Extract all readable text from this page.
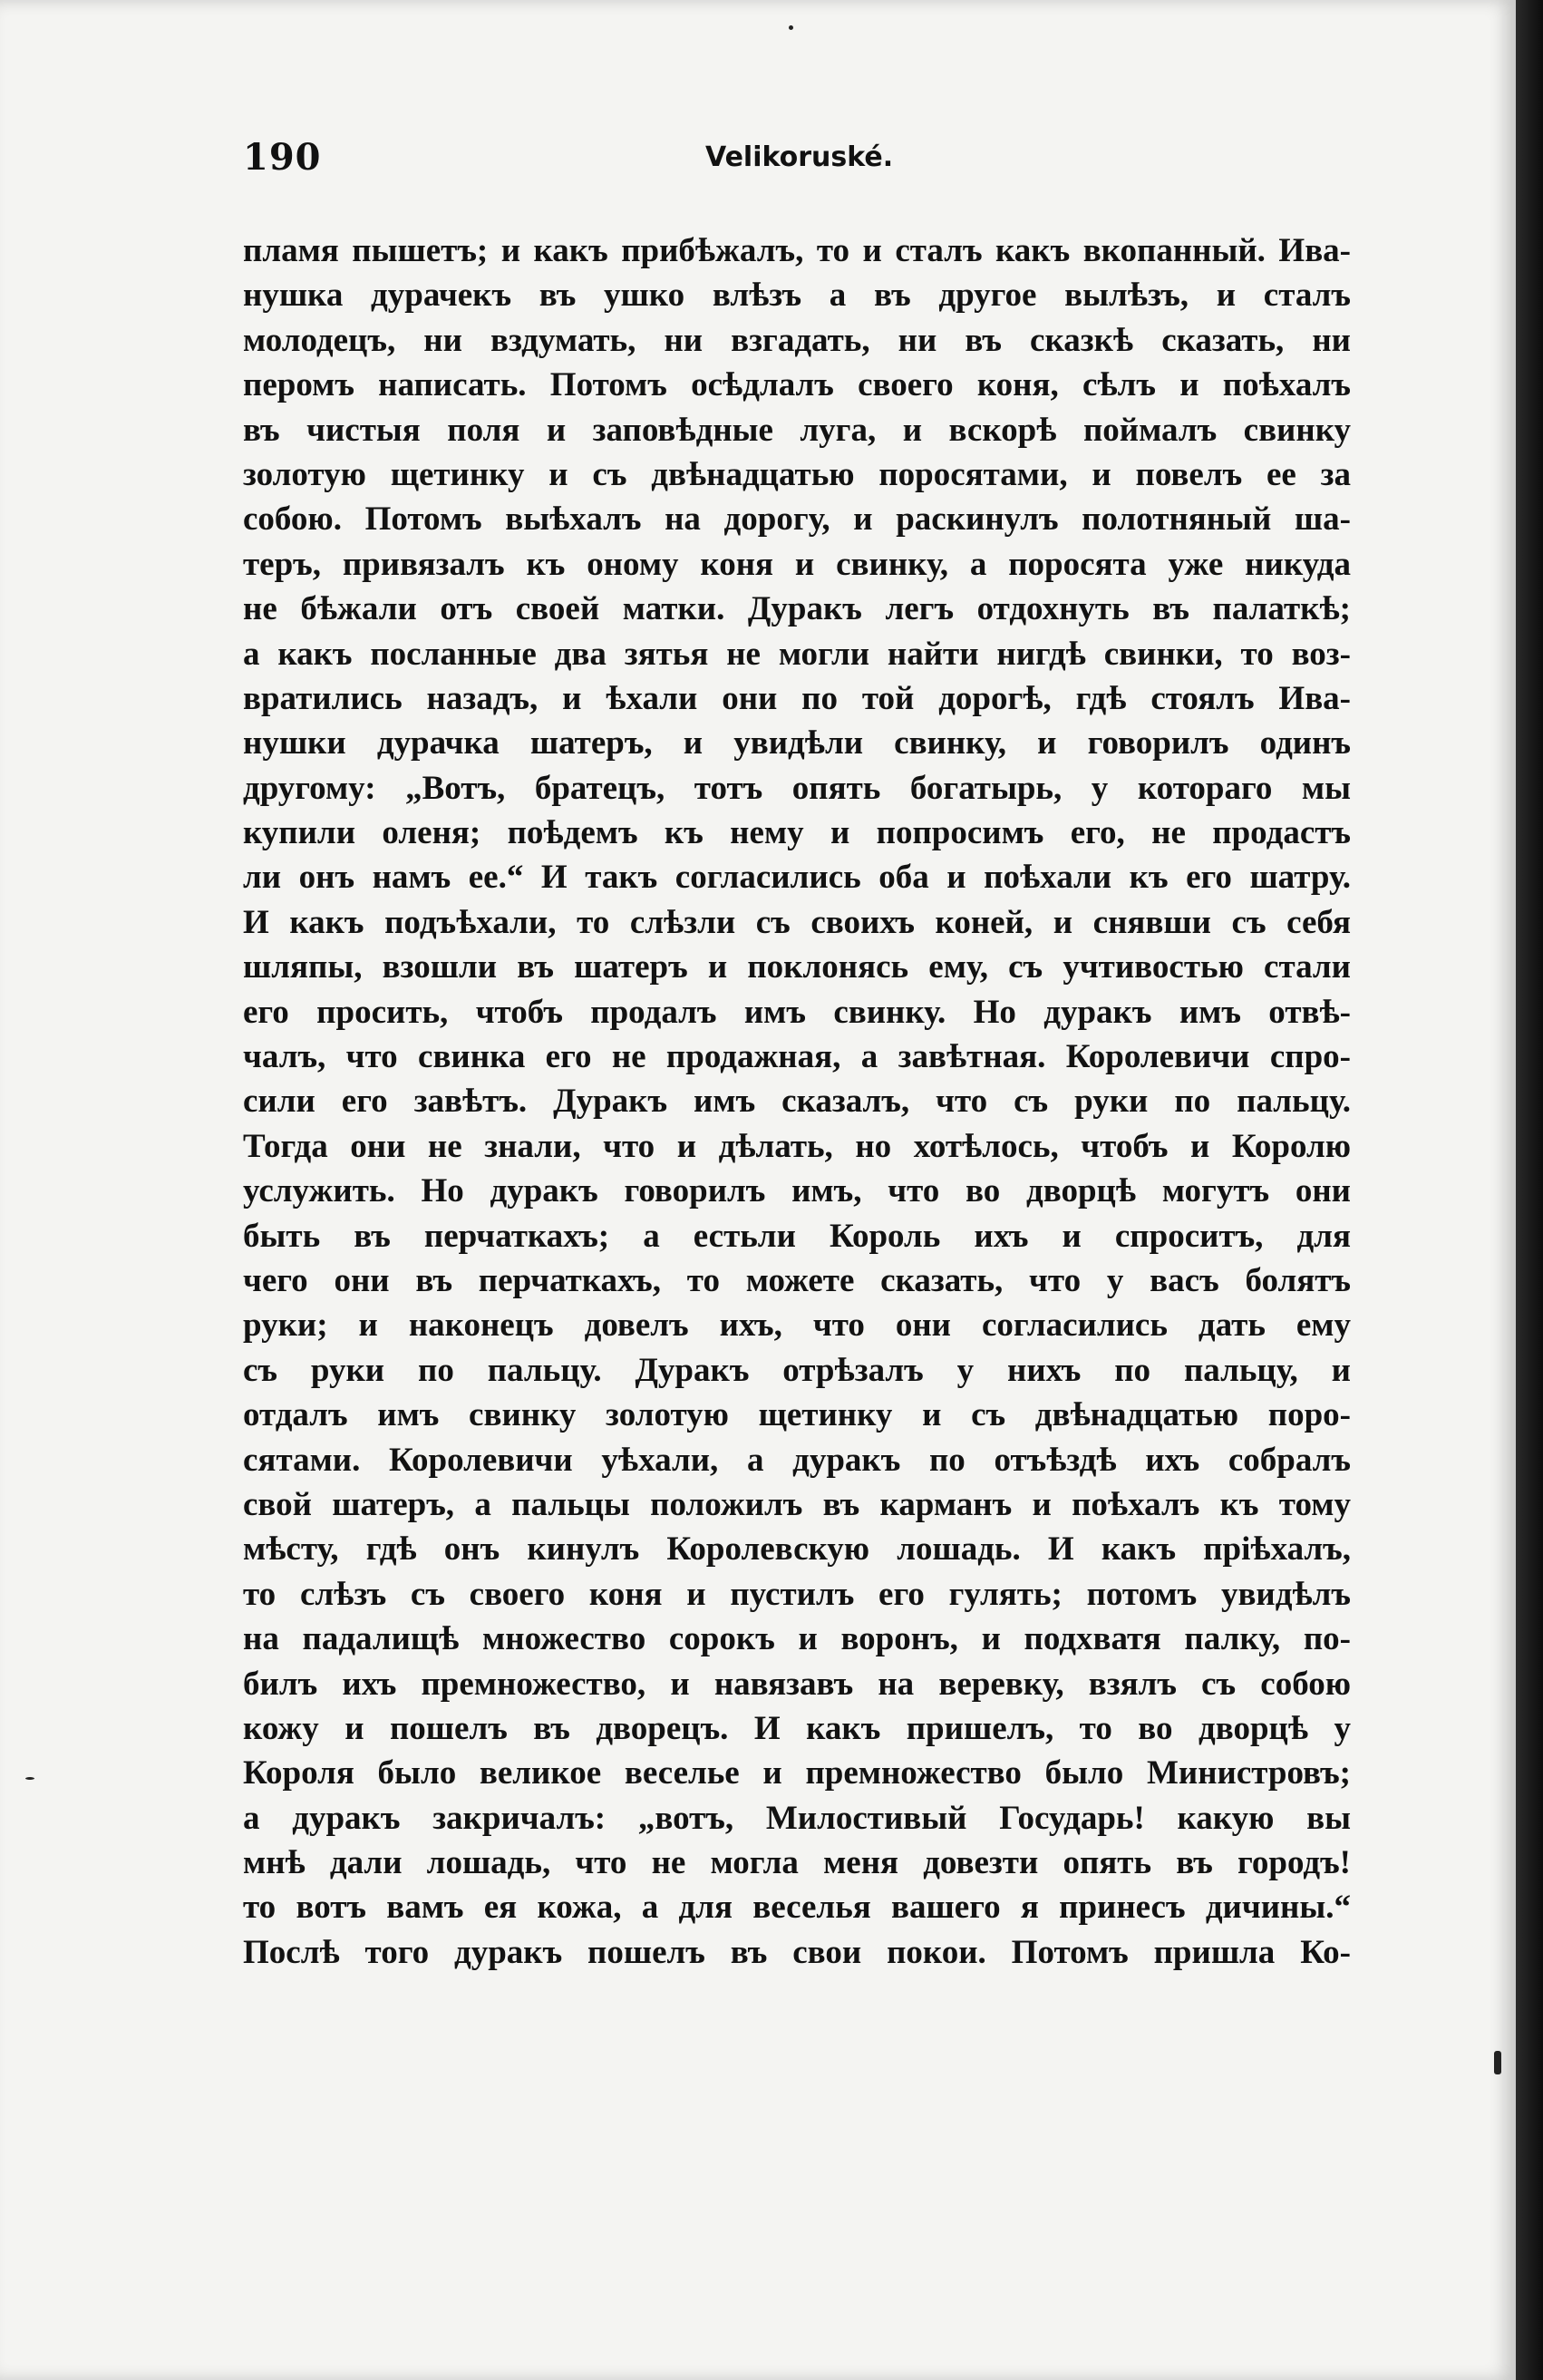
190	Velikoruské.
пламя пышетъ; и какъ прибѣжалъ, то и сталъ какъ вкопанный. Ива-
нушка дурачекъ въ ушко влѣзъ а въ другое вылѣзъ, и сталъ
молодецъ, ни вздумать, ни взгадать, ни въ сказкѣ сказать, ни
перомъ написать. Потомъ осѣдлалъ своего коня, сѣлъ и поѣхалъ
въ чистыя поля и заповѣдные луга, и вскорѣ поймалъ свинку
золотую щетинку и съ двѣнадцатью поросятами, и повелъ ее за
собою. Потомъ выѣхалъ на дорогу, и раскинулъ полотняный ша-
теръ, привязалъ къ оному коня и свинку, а поросята уже никуда
не бѣжали отъ своей матки. Дуракъ легъ отдохнуть въ палаткѣ;
а какъ посланные два зятья не могли найти нигдѣ свинки, то воз-
вратились назадъ, и ѣхали они по той дорогѣ, гдѣ стоялъ Ива-
нушки дурачка шатеръ, и увидѣли свинку, и говорилъ одинъ
другому: „Вотъ, братецъ, тотъ опять богатырь, у котораго мы
купили оленя; поѣдемъ къ нему и попросимъ его, не продастъ
ли онъ намъ ее.“ И такъ согласились оба и поѣхали къ его шатру.
И какъ подъѣхали, то слѣзли съ своихъ коней, и снявши съ себя
шляпы, взошли въ шатеръ и поклонясь ему, съ учтивостью стали
его просить, чтобъ продалъ имъ свинку. Но дуракъ имъ отвѣ-
чалъ, что свинка его не продажная, а завѣтная. Королевичи спро-
сили его завѣтъ. Дуракъ имъ сказалъ, что съ руки по пальцу.
Тогда они не знали, что и дѣлать, но хотѣлось, чтобъ и Королю
услужить. Но дуракъ говорилъ имъ, что во дворцѣ могутъ они
быть въ перчаткахъ; а естьли Король ихъ и спроситъ, для
чего они въ перчаткахъ, то можете сказать, что у васъ болятъ
руки; и наконецъ довелъ ихъ, что они согласились дать ему
съ руки по пальцу. Дуракъ отрѣзалъ у нихъ по пальцу, и
отдалъ имъ свинку золотую щетинку и съ двѣнадцатью поро-
сятами. Королевичи уѣхали, а дуракъ по отъѣздѣ ихъ собралъ
свой шатеръ, а пальцы положилъ въ карманъ и поѣхалъ къ тому
мѣсту, гдѣ онъ кинулъ Королевскую лошадь. И какъ пріѣхалъ,
то слѣзъ съ своего коня и пустилъ его гулять; потомъ увидѣлъ
на падалищѣ множество сорокъ и воронъ, и подхватя палку, по-
билъ ихъ премножество, и навязавъ на веревку, взялъ съ собою
кожу и пошелъ въ дворецъ. И какъ пришелъ, то во дворцѣ у
Короля было великое веселье и премножество было Министровъ;
а дуракъ закричалъ: „вотъ, Милостивый Государь! какую вы
мнѣ дали лошадь, что не могла меня довезти опять въ городъ!
то вотъ вамъ ея кожа, а для веселья вашего я принесъ дичины.“
Послѣ того дуракъ пошелъ въ свои покои. Потомъ пришла Ко-
